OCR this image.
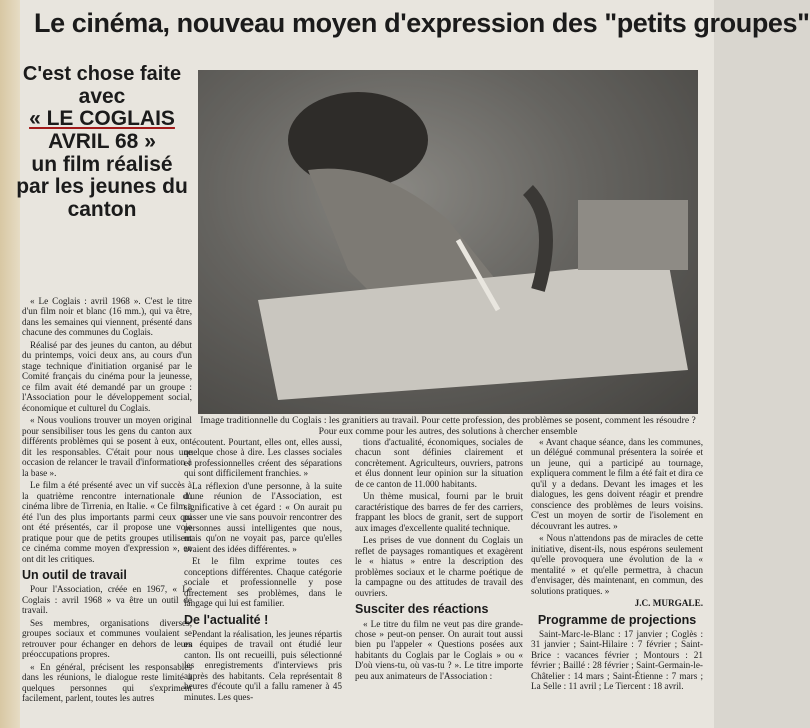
Le cinéma, nouveau moyen d'expression des "petits groupes"
C'est chose faite
avec
« LE COGLAIS
AVRIL 68 »
un film réalisé par les jeunes du canton
Image traditionnelle du Coglais : les granitiers au travail. Pour cette profession, des problèmes se posent, comment les résoudre ? Pour eux comme pour les autres, des solutions à chercher ensemble

« Le Coglais : avril 1968 ». C'est le titre d'un film noir et blanc (16 mm.), qui va être, dans les semaines qui viennent, présenté dans chacune des communes du Coglais.

Réalisé par des jeunes du canton, au début du printemps, voici deux ans, au cours d'un stage technique d'initiation organisé par le Comité français du cinéma pour la jeunesse, ce film avait été demandé par un groupe : l'Association pour le développement social, économique et culturel du Coglais.

« Nous voulions trouver un moyen original pour sensibiliser tous les gens du canton aux différents problèmes qui se posent à eux, ont dit les responsables. C'était pour nous une occasion de relancer le travail d'information à la base ».

Le film a été présenté avec un vif succès à la quatrième rencontre internationale du cinéma libre de Tirrenia, en Italie. « Ce film a été l'un des plus importants parmi ceux qui ont été présentés, car il propose une voie pratique pour que de petits groupes utilisent ce cinéma comme moyen d'expression », en ont dit les critiques.

Un outil de travail

Pour l'Association, créée en 1967, « Le Coglais : avril 1968 » va être un outil de travail.

Ses membres, organisations diverses, groupes sociaux et communes voulaient se retrouver pour échanger en dehors de leurs préoccupations propres.

« En général, précisent les responsables dans les réunions, le dialogue reste limité à quelques personnes qui s'expriment facilement, parlent, toutes les autres

écoutent. Pourtant, elles ont, elles aussi, quelque chose à dire. Les classes sociales et professionnelles créent des séparations qui sont difficilement franchies. »

La réflexion d'une personne, à la suite d'une réunion de l'Association, est significative à cet égard : « On aurait pu passer une vie sans pouvoir rencontrer des personnes aussi intelligentes que nous, mais qu'on ne voyait pas, parce qu'elles avaient des idées différentes. »

Et le film exprime toutes ces conceptions différentes. Chaque catégorie sociale et professionnelle y pose directement ses problèmes, dans le langage qui lui est familier.

De l'actualité !

Pendant la réalisation, les jeunes répartis en équipes de travail ont étudié leur canton. Ils ont recueilli, puis sélectionné les enregistrements d'interviews pris auprès des habitants. Cela représentait 8 heures d'écoute qu'il a fallu ramener à 45 minutes. Les ques-

tions d'actualité, économiques, sociales de chacun sont définies clairement et concrètement. Agriculteurs, ouvriers, patrons et élus donnent leur opinion sur la situation de ce canton de 11.000 habitants.

Un thème musical, fourni par le bruit caractéristique des barres de fer des carriers, frappant les blocs de granit, sert de support aux images d'excellente qualité technique.

Les prises de vue donnent du Coglais un reflet de paysages romantiques et exagèrent le « hiatus » entre la description des problèmes sociaux et le charme poétique de la campagne ou des attitudes de travail des ouvriers.

Susciter des réactions

« Le titre du film ne veut pas dire grande-chose » peut-on penser. On aurait tout aussi bien pu l'appeler « Questions posées aux habitants du Coglais par le Coglais » ou « D'où viens-tu, où vas-tu ? ». Le titre importe peu aux animateurs de l'Association :

« Avant chaque séance, dans les communes, un délégué communal présentera la soirée et un jeune, qui a participé au tournage, expliquera comment le film a été fait et dira ce qu'il y a dedans. Devant les images et les dialogues, les gens doivent réagir et prendre conscience des problèmes de leurs voisins. C'est un moyen de sortir de l'isolement en découvrant les autres. »

« Nous n'attendons pas de miracles de cette initiative, disent-ils, nous espérons seulement qu'elle provoquera une évolution de la « mentalité » et qu'elle permettra, à chacun d'envisager, dès maintenant, en commun, des solutions pratiques. »

J.C. MURGALE.

Programme de projections

Saint-Marc-le-Blanc : 17 janvier ; Coglès : 31 janvier ; Saint-Hilaire : 7 février ; Saint-Brice : vacances février ; Montours : 21 février ; Baillé : 28 février ; Saint-Germain-le-Châtelier : 14 mars ; Saint-Étienne : 7 mars ; La Selle : 11 avril ; Le Tiercent : 18 avril.
